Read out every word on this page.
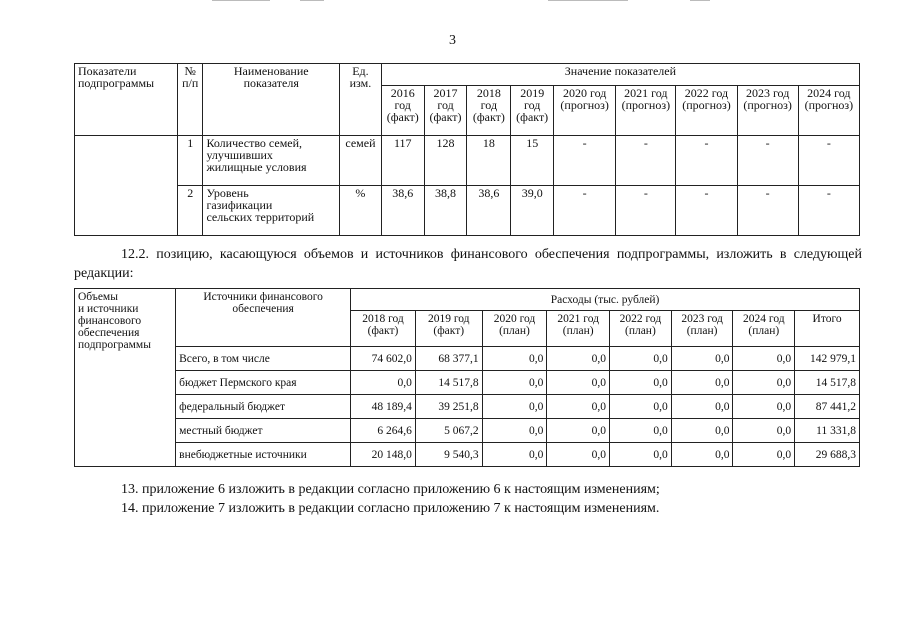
3
Показатели
подпрограммы	№
п/п	Наименование
показателя	Ед.
изм.	Значение показателей								
				2016
год
(факт)	2017
год
(факт)	2018
год
(факт)	2019
год
(факт)	2020 год
(прогноз)	2021 год
(прогноз)	2022 год
(прогноз)	2023 год
(прогноз)	2024 год
(прогноз)
	1	Количество семей,
улучшивших
жилищные условия	семей	117	128	18	15	-	-	-	-	-
	2	Уровень
газификации
сельских территорий	%	38,6	38,8	38,6	39,0	-	-	-	-	-
12.2. позицию, касающуюся объемов и источников финансового обеспечения подпрограммы, изложить в следующей редакции:
Объемы
и источники
финансового
обеспечения
подпрограммы	Источники финансового
обеспечения	Расходы (тыс. рублей)							
		2018 год
(факт)	2019 год
(факт)	2020 год
(план)	2021 год
(план)	2022 год
(план)	2023 год
(план)	2024 год
(план)	Итого
	Всего, в том числе	74 602,0	68 377,1	0,0	0,0	0,0	0,0	0,0	142 979,1
	бюджет Пермского края	0,0	14 517,8	0,0	0,0	0,0	0,0	0,0	14 517,8
	федеральный бюджет	48 189,4	39 251,8	0,0	0,0	0,0	0,0	0,0	87 441,2
	местный бюджет	6 264,6	5 067,2	0,0	0,0	0,0	0,0	0,0	11 331,8
	внебюджетные источники	20 148,0	9 540,3	0,0	0,0	0,0	0,0	0,0	29 688,3
13. приложение 6 изложить в редакции согласно приложению 6 к настоящим изменениям;
14. приложение 7 изложить в редакции согласно приложению 7 к настоящим изменениям.
